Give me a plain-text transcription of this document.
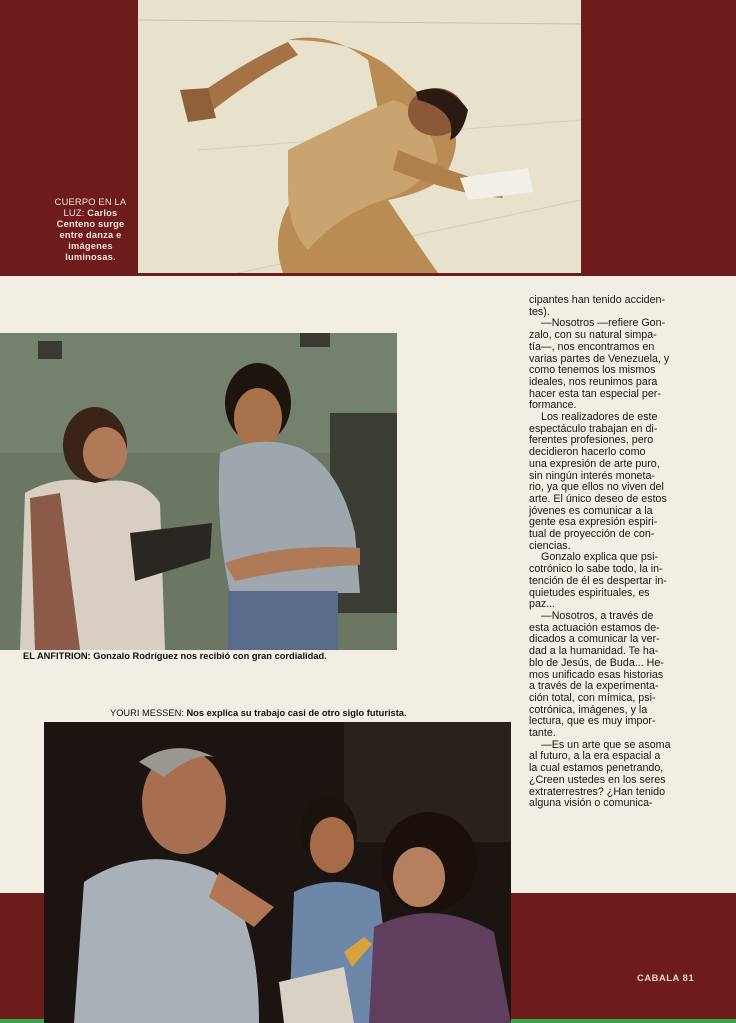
CUERPO EN LA LUZ: Carlos Centeno surge entre danza e imágenes luminosas.
EL ANFITRION: Gonzalo Rodríguez nos recibió con gran cordialidad.
YOURI MESSEN: Nos explica su trabajo casi de otro siglo futurista.
cipantes han tenido acciden-
tes).
—Nosotros —refiere Gon-
zalo, con su natural simpa-
tía—, nos encontramos en
varias partes de Venezuela, y
como tenemos los mismos
ideales, nos reunimos para
hacer esta tan especial per-
formance.
Los realizadores de este
espectáculo trabajan en di-
ferentes profesiones, pero
decidieron hacerlo como
una expresión de arte puro,
sin ningún interés moneta-
rio, ya que ellos no viven del
arte. El único deseo de estos
jóvenes es comunicar a la
gente esa expresión espiri-
tual de proyección de con-
ciencias.
Gonzalo explica que psi-
cotrónico lo sabe todo, la in-
tención de él es despertar in-
quietudes espirituales, es
paz...
—Nosotros, a través de
esta actuación estamos de-
dicados a comunicar la ver-
dad a la humanidad. Te ha-
blo de Jesús, de Buda... He-
mos unificado esas historias
a través de la experimenta-
ción total, con mímica, psi-
cotrónica, imágenes, y la
lectura, que es muy impor-
tante.
—Es un arte que se asoma
al futuro, a la era espacial a
la cual estamos penetrando,
¿Creen ustedes en los seres
extraterrestres? ¿Han tenido
alguna visión o comunica-
CABALA 81
